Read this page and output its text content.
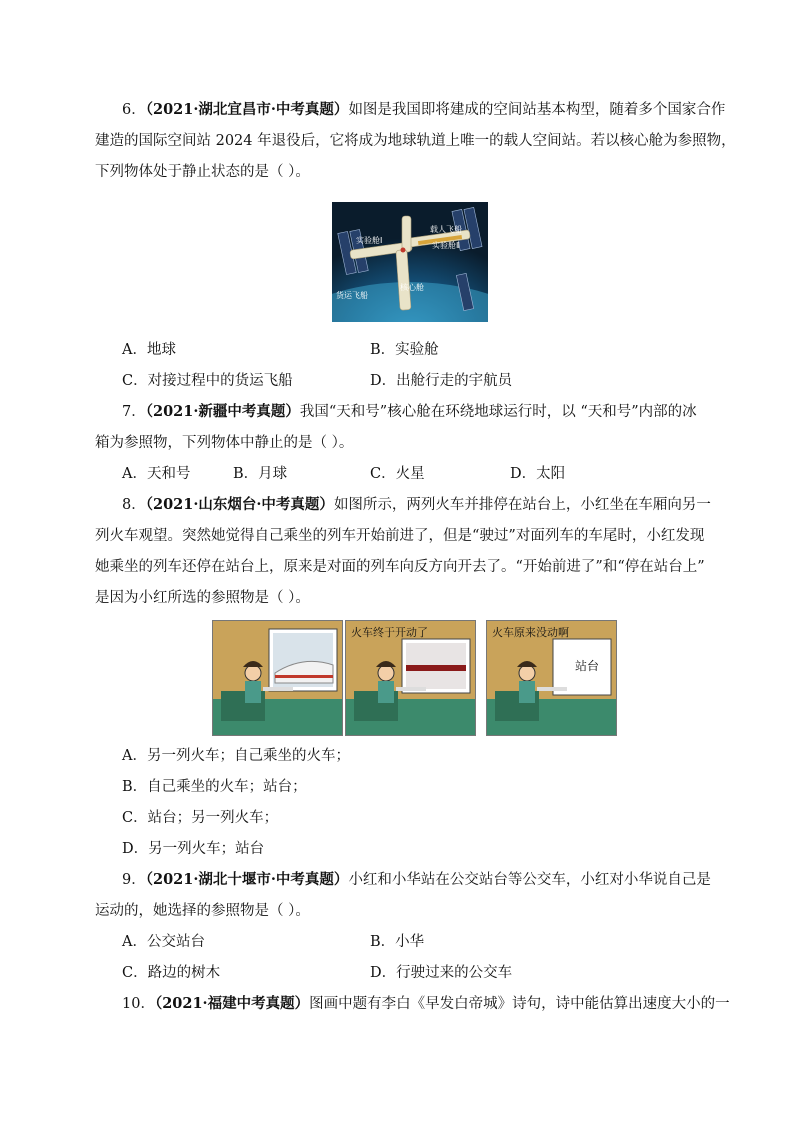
6．（2021·湖北宜昌市·中考真题）如图是我国即将建成的空间站基本构型，随着多个国家合作
建造的国际空间站 2024 年退役后，它将成为地球轨道上唯一的载人空间站。若以核心舱为参照物，
下列物体处于静止状态的是（ ）。
实验舱Ⅰ
载人飞船
实验舱Ⅱ
货运飞船
核心舱
A．地球	B．实验舱
C．对接过程中的货运飞船	D．出舱行走的宇航员
7．（2021·新疆中考真题）我国“天和号”核心舱在环绕地球运行时，以 “天和号”内部的冰
箱为参照物，下列物体中静止的是（ ）。
A．天和号	B．月球	C．火星	D．太阳
8．（2021·山东烟台·中考真题）如图所示，两列火车并排停在站台上，小红坐在车厢向另一
列火车观望。突然她觉得自己乘坐的列车开始前进了，但是“驶过”对面列车的车尾时，小红发现
她乘坐的列车还停在站台上，原来是对面的列车向反方向开去了。“开始前进了”和“停在站台上”
是因为小红所选的参照物是（ ）。
火车终于开动了	火车原来没动啊
站台
A．另一列火车；自己乘坐的火车；
B．自己乘坐的火车；站台；
C．站台；另一列火车；
D．另一列火车；站台
9．（2021·湖北十堰市·中考真题）小红和小华站在公交站台等公交车，小红对小华说自己是
运动的，她选择的参照物是（ ）。
A．公交站台	B．小华
C．路边的树木	D．行驶过来的公交车
10．（2021·福建中考真题）图画中题有李白《早发白帝城》诗句，诗中能估算出速度大小的一
